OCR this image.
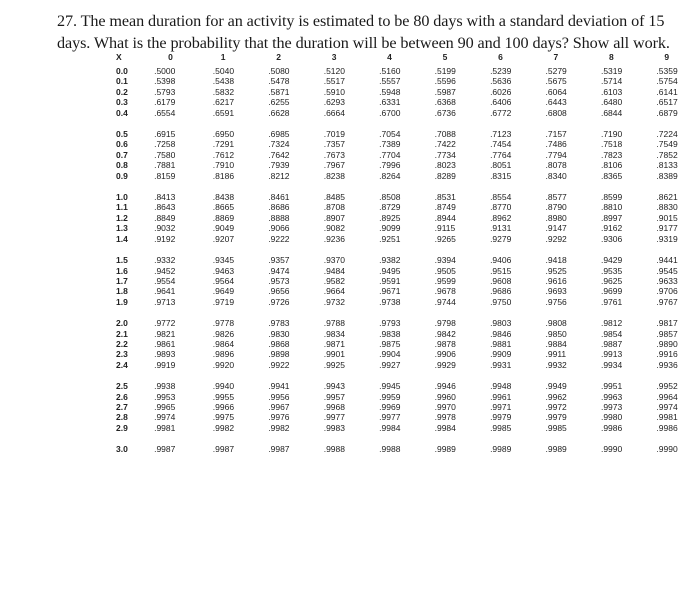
27. The mean duration for an activity is estimated to be 80 days with a standard deviation of 15 days. What is the probability that the duration will be between 90 and 100 days? Show all work.
X	0	1	2	3	4	5	6	7	8	9
0.0	.5000	.5040	.5080	.5120	.5160	.5199	.5239	.5279	.5319	.5359
0.1	.5398	.5438	.5478	.5517	.5557	.5596	.5636	.5675	.5714	.5754
0.2	.5793	.5832	.5871	.5910	.5948	.5987	.6026	.6064	.6103	.6141
0.3	.6179	.6217	.6255	.6293	.6331	.6368	.6406	.6443	.6480	.6517
0.4	.6554	.6591	.6628	.6664	.6700	.6736	.6772	.6808	.6844	.6879

0.5	.6915	.6950	.6985	.7019	.7054	.7088	.7123	.7157	.7190	.7224
0.6	.7258	.7291	.7324	.7357	.7389	.7422	.7454	.7486	.7518	.7549
0.7	.7580	.7612	.7642	.7673	.7704	.7734	.7764	.7794	.7823	.7852
0.8	.7881	.7910	.7939	.7967	.7996	.8023	.8051	.8078	.8106	.8133
0.9	.8159	.8186	.8212	.8238	.8264	.8289	.8315	.8340	.8365	.8389

1.0	.8413	.8438	.8461	.8485	.8508	.8531	.8554	.8577	.8599	.8621
1.1	.8643	.8665	.8686	.8708	.8729	.8749	.8770	.8790	.8810	.8830
1.2	.8849	.8869	.8888	.8907	.8925	.8944	.8962	.8980	.8997	.9015
1.3	.9032	.9049	.9066	.9082	.9099	.9115	.9131	.9147	.9162	.9177
1.4	.9192	.9207	.9222	.9236	.9251	.9265	.9279	.9292	.9306	.9319

1.5	.9332	.9345	.9357	.9370	.9382	.9394	.9406	.9418	.9429	.9441
1.6	.9452	.9463	.9474	.9484	.9495	.9505	.9515	.9525	.9535	.9545
1.7	.9554	.9564	.9573	.9582	.9591	.9599	.9608	.9616	.9625	.9633
1.8	.9641	.9649	.9656	.9664	.9671	.9678	.9686	.9693	.9699	.9706
1.9	.9713	.9719	.9726	.9732	.9738	.9744	.9750	.9756	.9761	.9767

2.0	.9772	.9778	.9783	.9788	.9793	.9798	.9803	.9808	.9812	.9817
2.1	.9821	.9826	.9830	.9834	.9838	.9842	.9846	.9850	.9854	.9857
2.2	.9861	.9864	.9868	.9871	.9875	.9878	.9881	.9884	.9887	.9890
2.3	.9893	.9896	.9898	.9901	.9904	.9906	.9909	.9911	.9913	.9916
2.4	.9919	.9920	.9922	.9925	.9927	.9929	.9931	.9932	.9934	.9936

2.5	.9938	.9940	.9941	.9943	.9945	.9946	.9948	.9949	.9951	.9952
2.6	.9953	.9955	.9956	.9957	.9959	.9960	.9961	.9962	.9963	.9964
2.7	.9965	.9966	.9967	.9968	.9969	.9970	.9971	.9972	.9973	.9974
2.8	.9974	.9975	.9976	.9977	.9977	.9978	.9979	.9979	.9980	.9981
2.9	.9981	.9982	.9982	.9983	.9984	.9984	.9985	.9985	.9986	.9986

3.0	.9987	.9987	.9987	.9988	.9988	.9989	.9989	.9989	.9990	.9990
